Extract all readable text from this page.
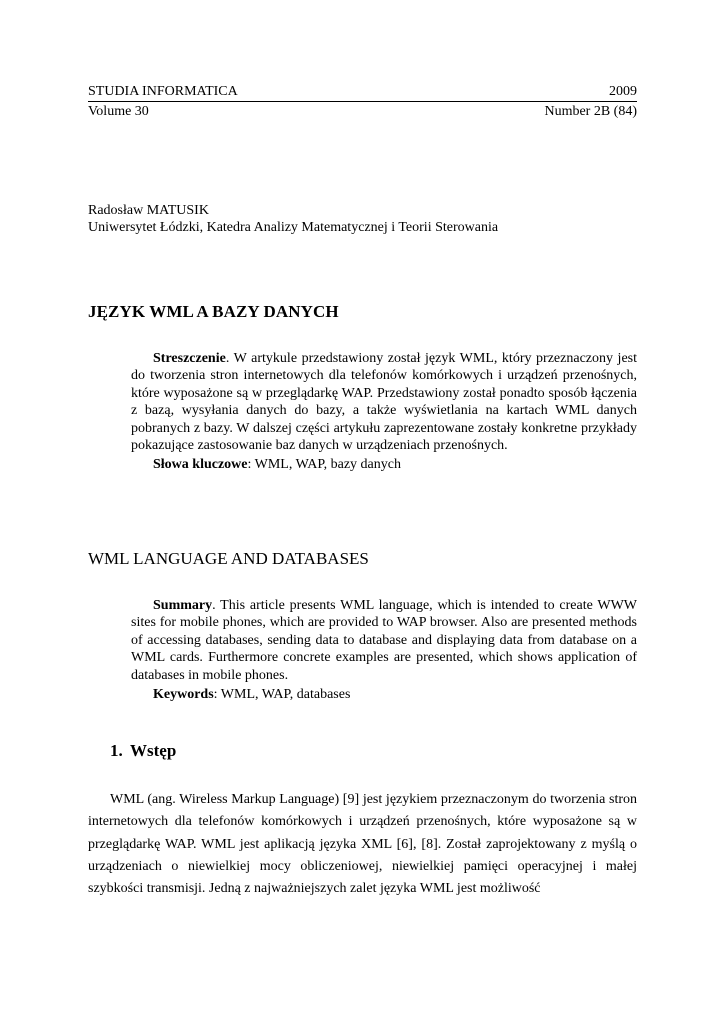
STUDIA INFORMATICA	2009
Volume 30	Number 2B (84)
Radosław MATUSIK
Uniwersytet Łódzki, Katedra Analizy Matematycznej i Teorii Sterowania
JĘZYK WML A BAZY DANYCH

Streszczenie. W artykule przedstawiony został język WML, który przeznaczony jest do tworzenia stron internetowych dla telefonów komórkowych i urządzeń przenośnych, które wyposażone są w przeglądarkę WAP. Przedstawiony został ponadto sposób łączenia z bazą, wysyłania danych do bazy, a także wyświetlania na kartach WML danych pobranych z bazy. W dalszej części artykułu zaprezentowane zostały konkretne przykłady pokazujące zastosowanie baz danych w urządzeniach przenośnych.

Słowa kluczowe: WML, WAP, bazy danych

WML LANGUAGE AND DATABASES

Summary. This article presents WML language, which is intended to create WWW sites for mobile phones, which are provided to WAP browser. Also are presented methods of accessing databases, sending data to database and displaying data from database on a WML cards. Furthermore concrete examples are presented, which shows application of databases in mobile phones.

Keywords: WML, WAP, databases

1. Wstęp

WML (ang. Wireless Markup Language) [9] jest językiem przeznaczonym do tworzenia stron internetowych dla telefonów komórkowych i urządzeń przenośnych, które wyposażone są w przeglądarkę WAP. WML jest aplikacją języka XML [6], [8]. Został zaprojektowany z myślą o urządzeniach o niewielkiej mocy obliczeniowej, niewielkiej pamięci operacyjnej i małej szybkości transmisji. Jedną z najważniejszych zalet języka WML jest możliwość
